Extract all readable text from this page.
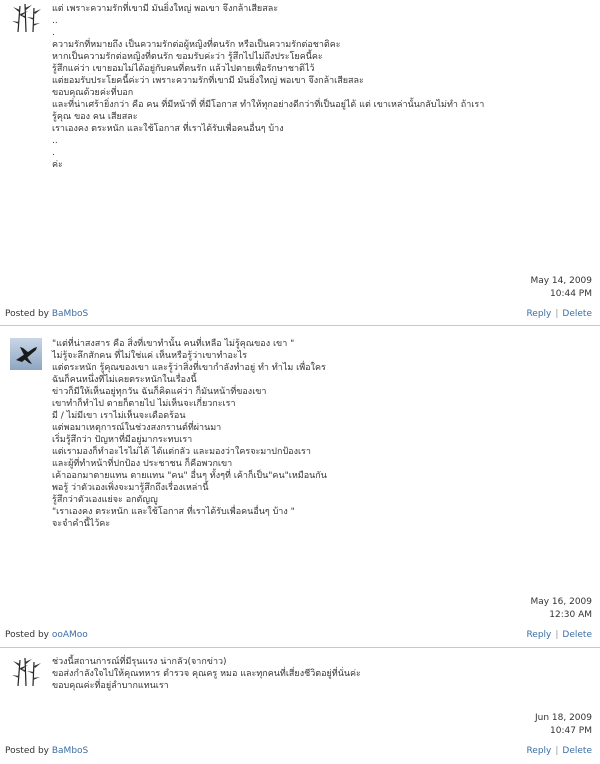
แต่ เพราะความรักที่เขามี มันยิ่งใหญ่ พอเขา จึงกล้าเสียสละ

..

.

ความรักที่หมายถึง เป็นความรักต่อผู้หญิงที่ตนรัก หรือเป็นความรักต่อชาติคะ

หากเป็นความรักต่อหญิงที่ตนรัก ขอมรับค่ะว่า รู้สึกไปไม่ถึงประโยคนี้คะ

รู้สึกแค่ว่า เขายอมไม่ได้อยู่กับคนที่ตนรัก แล้วไปตายเพื่อรักษาชาติไว้

แต่ยอมรับประโยคนี้ค่ะว่า เพราะความรักที่เขามี มันยิ่งใหญ่ พอเขา จึงกล้าเสียสละ

ขอบคุณด้วยค่ะที่บอก

และที่น่าเศร้ายิ่งกว่า คือ คน ที่มีหน้าที่ ที่มีโอกาส ทำให้ทุกอย่างดีกว่าที่เป็นอยู่ได้ แต่ เขาเหล่านั้นกลับไม่ทำ ถ้าเรา

รู้คุณ ของ คน เสียสละ

เราเองคง ตระหนัก และใช้โอกาส ที่เราได้รับเพื่อคนอื่นๆ บ้าง

..

.

ค่ะ

May 14, 2009
10:44 PM
Posted by BaMboS	Reply | Delete

"แต่ที่น่าสงสาร คือ สิ่งที่เขาทำนั้น คนที่เหลือ ไม่รู้คุณของ เขา "

ไม่รู้จะลึกสักคน ที่ไม่ใช่แค่ เห็นหรือรู้ว่าเขาทำอะไร

แต่ตระหนัก รู้คุณของเขา และรู้ว่าสิ่งที่เขากำลังทำอยู่ ทำ ทำไม เพื่อใคร

ฉันก็คนหนึ่งที่ไม่เคยตระหนักในเรื่องนี้

ข่าวก็มีให้เห็นอยู่ทุกวัน ฉันก็คิดแค่ว่า ก็มันหน้าที่ของเขา

เขาทำก็ทำไป ตายก็ตายไป ไม่เห็นจะเกี่ยวกะเรา

มี / ไม่มีเขา เราไม่เห็นจะเดือดร้อน

แต่พอมาเหตุการณ์ในช่วงสงกรานต์ที่ผ่านมา

เริ่มรู้สึกว่า ปัญหาที่มีอยู่มากระทบเรา

แต่เรามองก็ทำอะไรไม่ได้ ได้แต่กลัว และมองว่าใครจะมาปกป้องเรา

และผู้ที่ทำหน้าที่ปกป้อง ประชาชน ก็คือพวกเขา

เค้าออกมาตายแทน ตายแทน "คน" อื่นๆ ทั้งๆที่ เค้าก็เป็น"คน"เหมือนกัน

พอรู้ ว่าตัวเองเพิ่งจะมารู้สึกถึงเรื่องเหล่านี้

รู้สึกว่าตัวเองแย่จะ อกตัญญู

"เราเองคง ตระหนัก และใช้โอกาส ที่เราได้รับเพื่อคนอื่นๆ บ้าง "

จะจำคำนี้ไว้คะ

May 16, 2009
12:30 AM
Posted by ooAMoo	Reply | Delete

ช่วงนี้สถานการณ์ที่มีรุนแรง น่ากลัว(จากข่าว)

ขอส่งกำลังใจไปให้คุณทหาร ตำรวจ คุณครู หมอ และทุกคนที่เสี่ยงชีวิตอยู่ที่นั่นค่ะ

ขอบคุณค่ะที่อยู่ลำบากแทนเรา

Jun 18, 2009
10:47 PM
Posted by BaMboS	Reply | Delete
